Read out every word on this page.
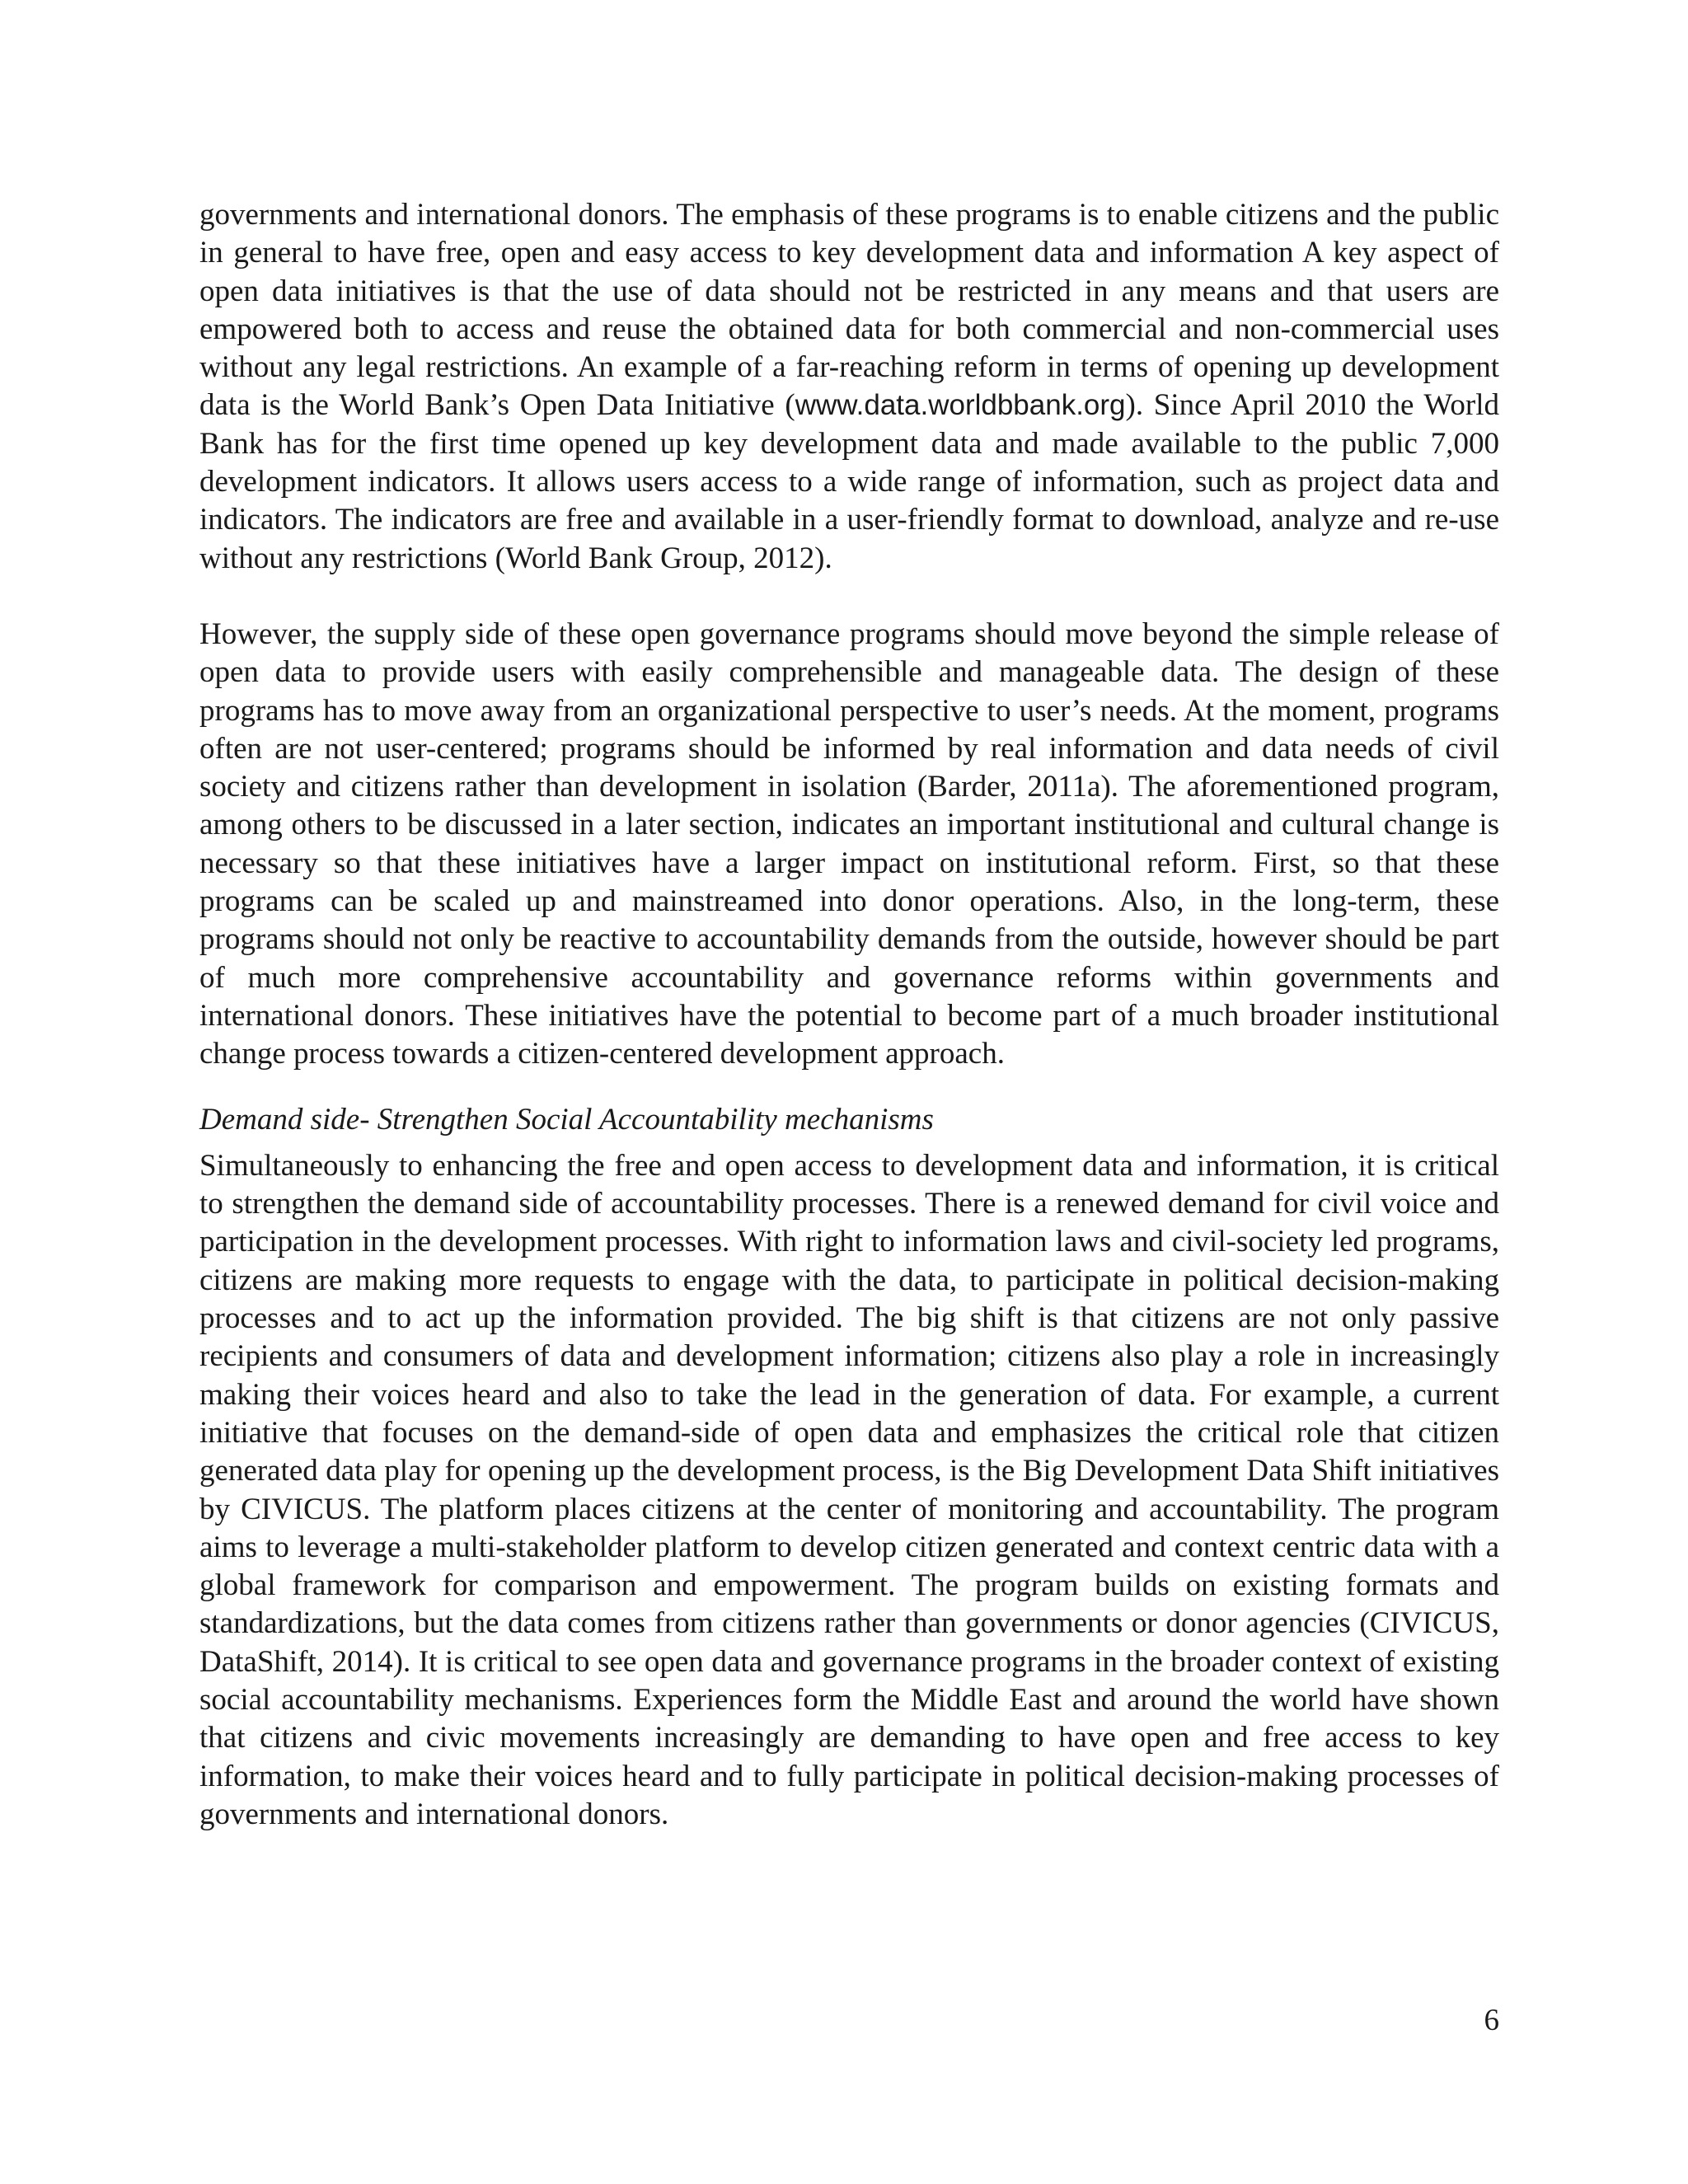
governments and international donors. The emphasis of these programs is to enable citizens and the public in general to have free, open and easy access to key development data and information A key aspect of open data initiatives is that the use of data should not be restricted in any means and that users are empowered both to access and reuse the obtained data for both commercial and non-commercial uses without any legal restrictions. An example of a far-reaching reform in terms of opening up development data is the World Bank’s Open Data Initiative (www.data.worldbbank.org). Since April 2010 the World Bank has for the first time opened up key development data and made available to the public 7,000 development indicators. It allows users access to a wide range of information, such as project data and indicators. The indicators are free and available in a user-friendly format to download, analyze and re-use without any restrictions (World Bank Group, 2012).

However, the supply side of these open governance programs should move beyond the simple release of open data to provide users with easily comprehensible and manageable data. The design of these programs has to move away from an organizational perspective to user’s needs. At the moment, programs often are not user-centered; programs should be informed by real information and data needs of civil society and citizens rather than development in isolation (Barder, 2011a). The aforementioned program, among others to be discussed in a later section, indicates an important institutional and cultural change is necessary so that these initiatives have a larger impact on institutional reform. First, so that these programs can be scaled up and mainstreamed into donor operations. Also, in the long-term, these programs should not only be reactive to accountability demands from the outside, however should be part of much more comprehensive accountability and governance reforms within governments and international donors. These initiatives have the potential to become part of a much broader institutional change process towards a citizen-centered development approach.

Demand side- Strengthen Social Accountability mechanisms

Simultaneously to enhancing the free and open access to development data and information, it is critical to strengthen the demand side of accountability processes. There is a renewed demand for civil voice and participation in the development processes. With right to information laws and civil-society led programs, citizens are making more requests to engage with the data, to participate in political decision-making processes and to act up the information provided. The big shift is that citizens are not only passive recipients and consumers of data and development information; citizens also play a role in increasingly making their voices heard and also to take the lead in the generation of data. For example, a current initiative that focuses on the demand-side of open data and emphasizes the critical role that citizen generated data play for opening up the development process, is the Big Development Data Shift initiatives by CIVICUS. The platform places citizens at the center of monitoring and accountability. The program aims to leverage a multi-stakeholder platform to develop citizen generated and context centric data with a global framework for comparison and empowerment. The program builds on existing formats and standardizations, but the data comes from citizens rather than governments or donor agencies (CIVICUS, DataShift, 2014). It is critical to see open data and governance programs in the broader context of existing social accountability mechanisms. Experiences form the Middle East and around the world have shown that citizens and civic movements increasingly are demanding to have open and free access to key information, to make their voices heard and to fully participate in political decision-making processes of governments and international donors.

6
